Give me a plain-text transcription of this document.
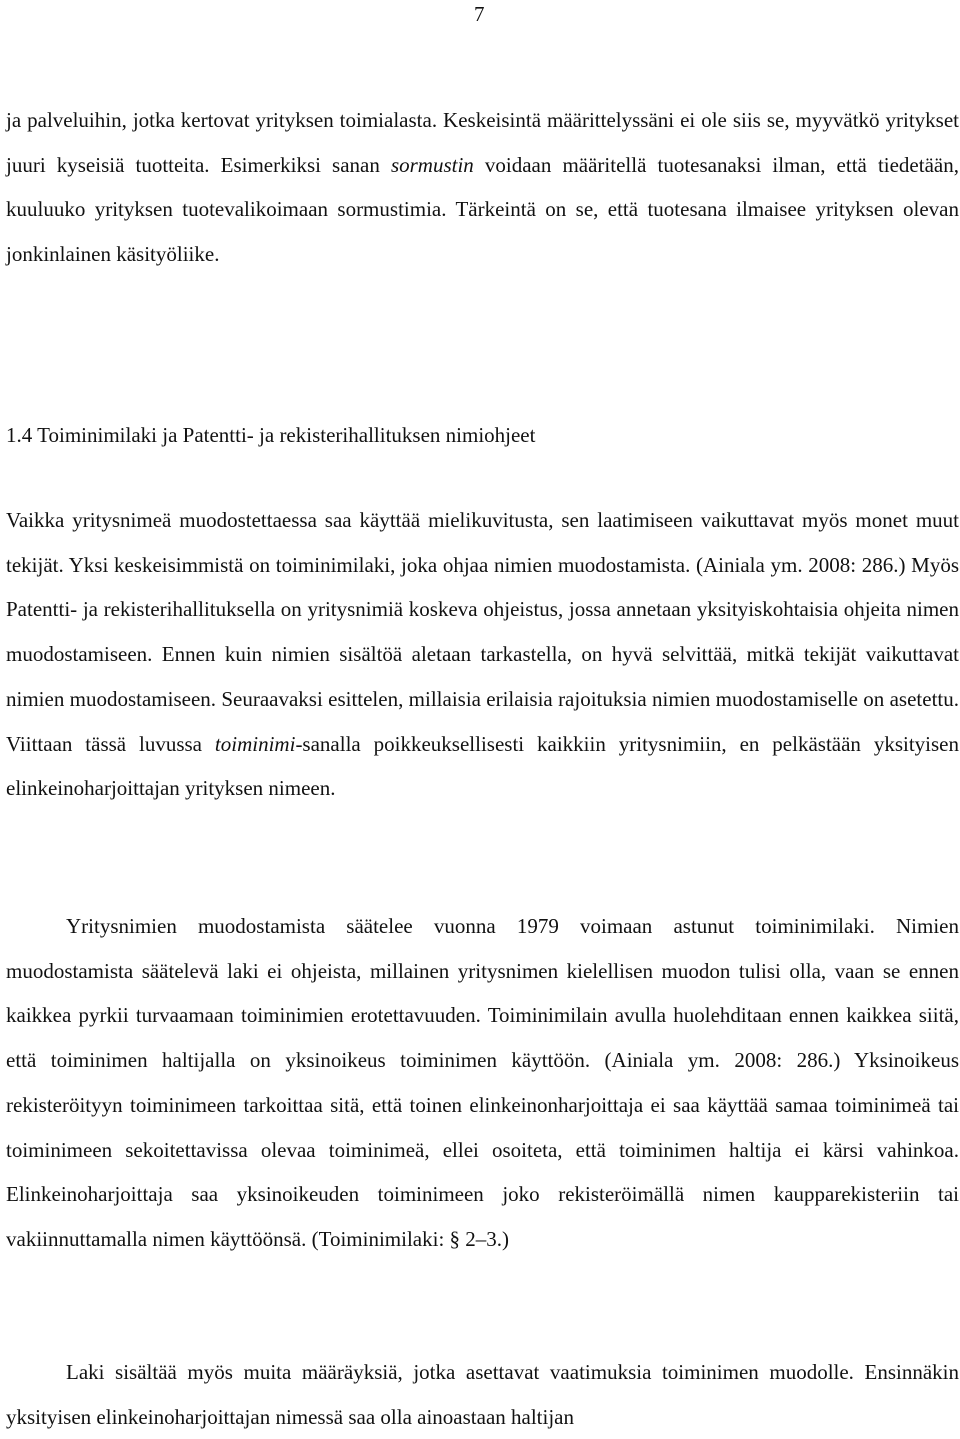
7

ja palveluihin, jotka kertovat yrityksen toimialasta. Keskeisintä määrittelyssäni ei ole siis se, myyvätkö yritykset juuri kyseisiä tuotteita. Esimerkiksi sanan sormustin voidaan määritellä tuotesanaksi ilman, että tiedetään, kuuluuko yrityksen tuotevalikoimaan sormustimia. Tärkeintä on se, että tuotesana ilmaisee yrityksen olevan jonkinlainen käsityöliike.

1.4 Toiminimilaki ja Patentti- ja rekisterihallituksen nimiohjeet

Vaikka yritysnimeä muodostettaessa saa käyttää mielikuvitusta, sen laatimiseen vaikuttavat myös monet muut tekijät. Yksi keskeisimmistä on toiminimilaki, joka ohjaa nimien muodostamista. (Ainiala ym. 2008: 286.) Myös Patentti- ja rekisterihallituksella on yritysnimiä koskeva ohjeistus, jossa annetaan yksityiskohtaisia ohjeita nimen muodostamiseen. Ennen kuin nimien sisältöä aletaan tarkastella, on hyvä selvittää, mitkä tekijät vaikuttavat nimien muodostamiseen. Seuraavaksi esittelen, millaisia erilaisia rajoituksia nimien muodostamiselle on asetettu. Viittaan tässä luvussa toiminimi-sanalla poikkeuksellisesti kaikkiin yritysnimiin, en pelkästään yksityisen elinkeinoharjoittajan yrityksen nimeen.

Yritysnimien muodostamista säätelee vuonna 1979 voimaan astunut toiminimilaki. Nimien muodostamista säätelevä laki ei ohjeista, millainen yritysnimen kielellisen muodon tulisi olla, vaan se ennen kaikkea pyrkii turvaamaan toiminimien erotettavuuden. Toiminimilain avulla huolehditaan ennen kaikkea siitä, että toiminimen haltijalla on yksinoikeus toiminimen käyttöön. (Ainiala ym. 2008: 286.) Yksinoikeus rekisteröityyn toiminimeen tarkoittaa sitä, että toinen elinkeinonharjoittaja ei saa käyttää samaa toiminimeä tai toiminimeen sekoitettavissa olevaa toiminimeä, ellei osoiteta, että toiminimen haltija ei kärsi vahinkoa. Elinkeinoharjoittaja saa yksinoikeuden toiminimeen joko rekisteröimällä nimen kaupparekisteriin tai vakiinnuttamalla nimen käyttöönsä. (Toiminimilaki: § 2–3.)

Laki sisältää myös muita määräyksiä, jotka asettavat vaatimuksia toiminimen muodolle. Ensinnäkin yksityisen elinkeinoharjoittajan nimessä saa olla ainoastaan haltijan
